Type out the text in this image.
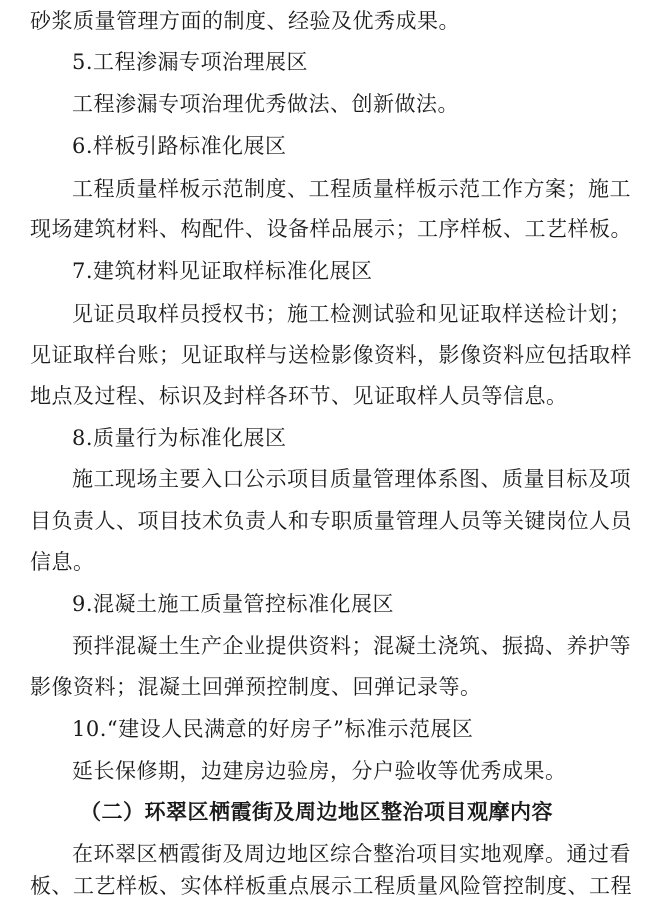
砂浆质量管理方面的制度、经验及优秀成果。
5.工程渗漏专项治理展区
工程渗漏专项治理优秀做法、创新做法。
6.样板引路标准化展区
工程质量样板示范制度、工程质量样板示范工作方案；施工
现场建筑材料、构配件、设备样品展示；工序样板、工艺样板。
7.建筑材料见证取样标准化展区
见证员取样员授权书；施工检测试验和见证取样送检计划；
见证取样台账；见证取样与送检影像资料，影像资料应包括取样
地点及过程、标识及封样各环节、见证取样人员等信息。
8.质量行为标准化展区
施工现场主要入口公示项目质量管理体系图、质量目标及项
目负责人、项目技术负责人和专职质量管理人员等关键岗位人员
信息。
9.混凝土施工质量管控标准化展区
预拌混凝土生产企业提供资料；混凝土浇筑、振捣、养护等
影像资料；混凝土回弹预控制度、回弹记录等。
10.“建设人民满意的好房子”标准示范展区
延长保修期，边建房边验房，分户验收等优秀成果。
（二）环翠区栖霞街及周边地区整治项目观摩内容
在环翠区栖霞街及周边地区综合整治项目实地观摩。通过看
板、工艺样板、实体样板重点展示工程质量风险管控制度、工程
